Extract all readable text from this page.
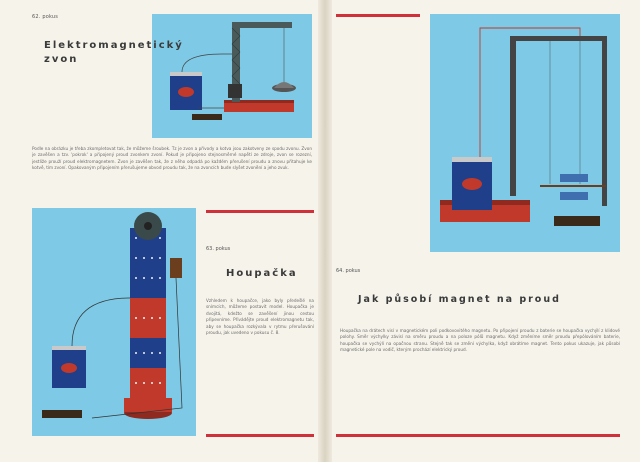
62. pokus
Elektromagnetický
zvon
Podle na obrázku je třeba zkompletovat tak, že můžeme šroubek. Tz je zvon a přívody a kotva jsou zakotveny ze spodu zvonu. Zvon je zavěšen a tzv. 'pokrok' a připojený proud zvonkem zvoní. Pokud je připojeno stejnosměrné napětí ze zdroje, zvon se rozezní, jestliže prouží proud elektromagnetem. Zvon je zavěšen tak, že z něho odpadá po každém přerušení proudu a znovu přitahuje ke kotvě, tím zvoní. Opakovaným připojením přerušujeme obvod proudu tak, že na zvoncích bude slyšet zvonění a jeho zvuk.
63. pokus
Houpačka
Vzhledem k houpačce, jako byly předešlé na snímcích, můžeme postavit model. Houpačka je dvojitá, kdežto se zavěšení jinou cestou připevníme. Přivádějte proud elektromagnetu tak, aby se houpačka rozkývala v rytmu přerušování proudu, jak uvedeno v pokusu č. 8.
64. pokus
Jak působí magnet na proud
Houpačka na drátech visí v magnetickém poli podkovovitého magnetu. Po připojení proudu z baterie se houpačka vychýlí z klidové polohy. Směr výchylky závisí na směru proudu a na poloze pólů magnetu. Když změníme směr proudu přepólováním baterie, houpačka se vychýlí na opačnou stranu. Stejně tak se změní výchylka, když obrátíme magnet. Tento pokus ukazuje, jak působí magnetické pole na vodič, kterým prochází elektrický proud.
